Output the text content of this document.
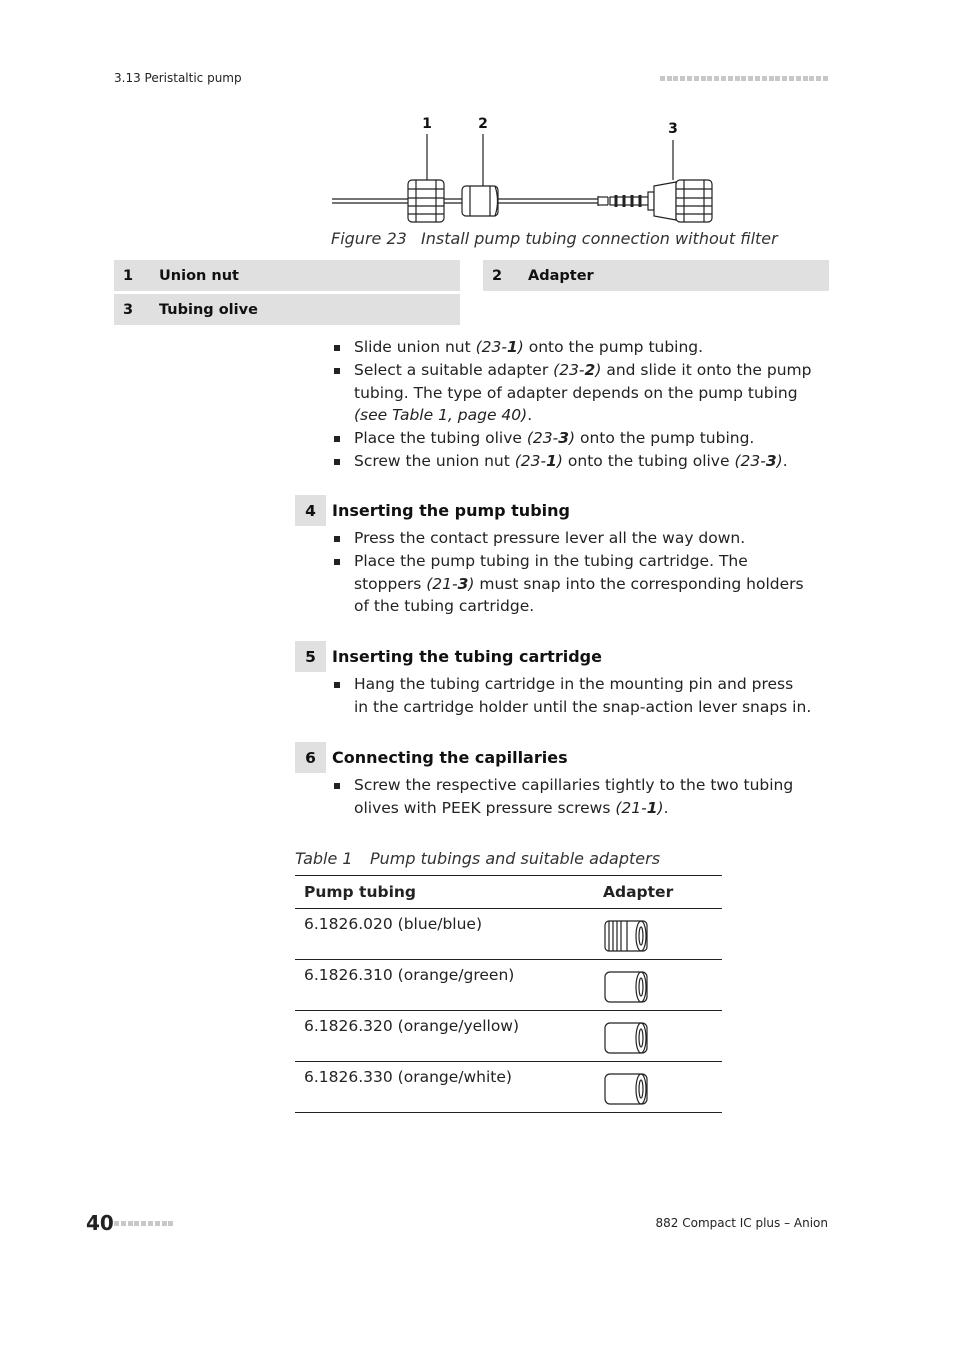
3.13 Peristaltic pump
1	2	3
Figure 23 Install pump tubing connection without filter
1	Union nut	2	Adapter
3	Tubing olive
Slide union nut (23-1) onto the pump tubing.
Select a suitable adapter (23-2) and slide it onto the pump tubing. The type of adapter depends on the pump tubing (see Table 1, page 40).
Place the tubing olive (23-3) onto the pump tubing.
Screw the union nut (23-1) onto the tubing olive (23-3).
4	Inserting the pump tubing
Press the contact pressure lever all the way down.
Place the pump tubing in the tubing cartridge. The stoppers (21-3) must snap into the corresponding holders of the tubing cartridge.
5	Inserting the tubing cartridge
Hang the tubing cartridge in the mounting pin and press in the cartridge holder until the snap-action lever snaps in.
6	Connecting the capillaries
Screw the respective capillaries tightly to the two tubing olives with PEEK pressure screws (21-1).
Table 1 Pump tubings and suitable adapters
Pump tubing	Adapter
6.1826.020 (blue/blue)	
6.1826.310 (orange/green)	
6.1826.320 (orange/yellow)	
6.1826.330 (orange/white)	
40	882 Compact IC plus – Anion
